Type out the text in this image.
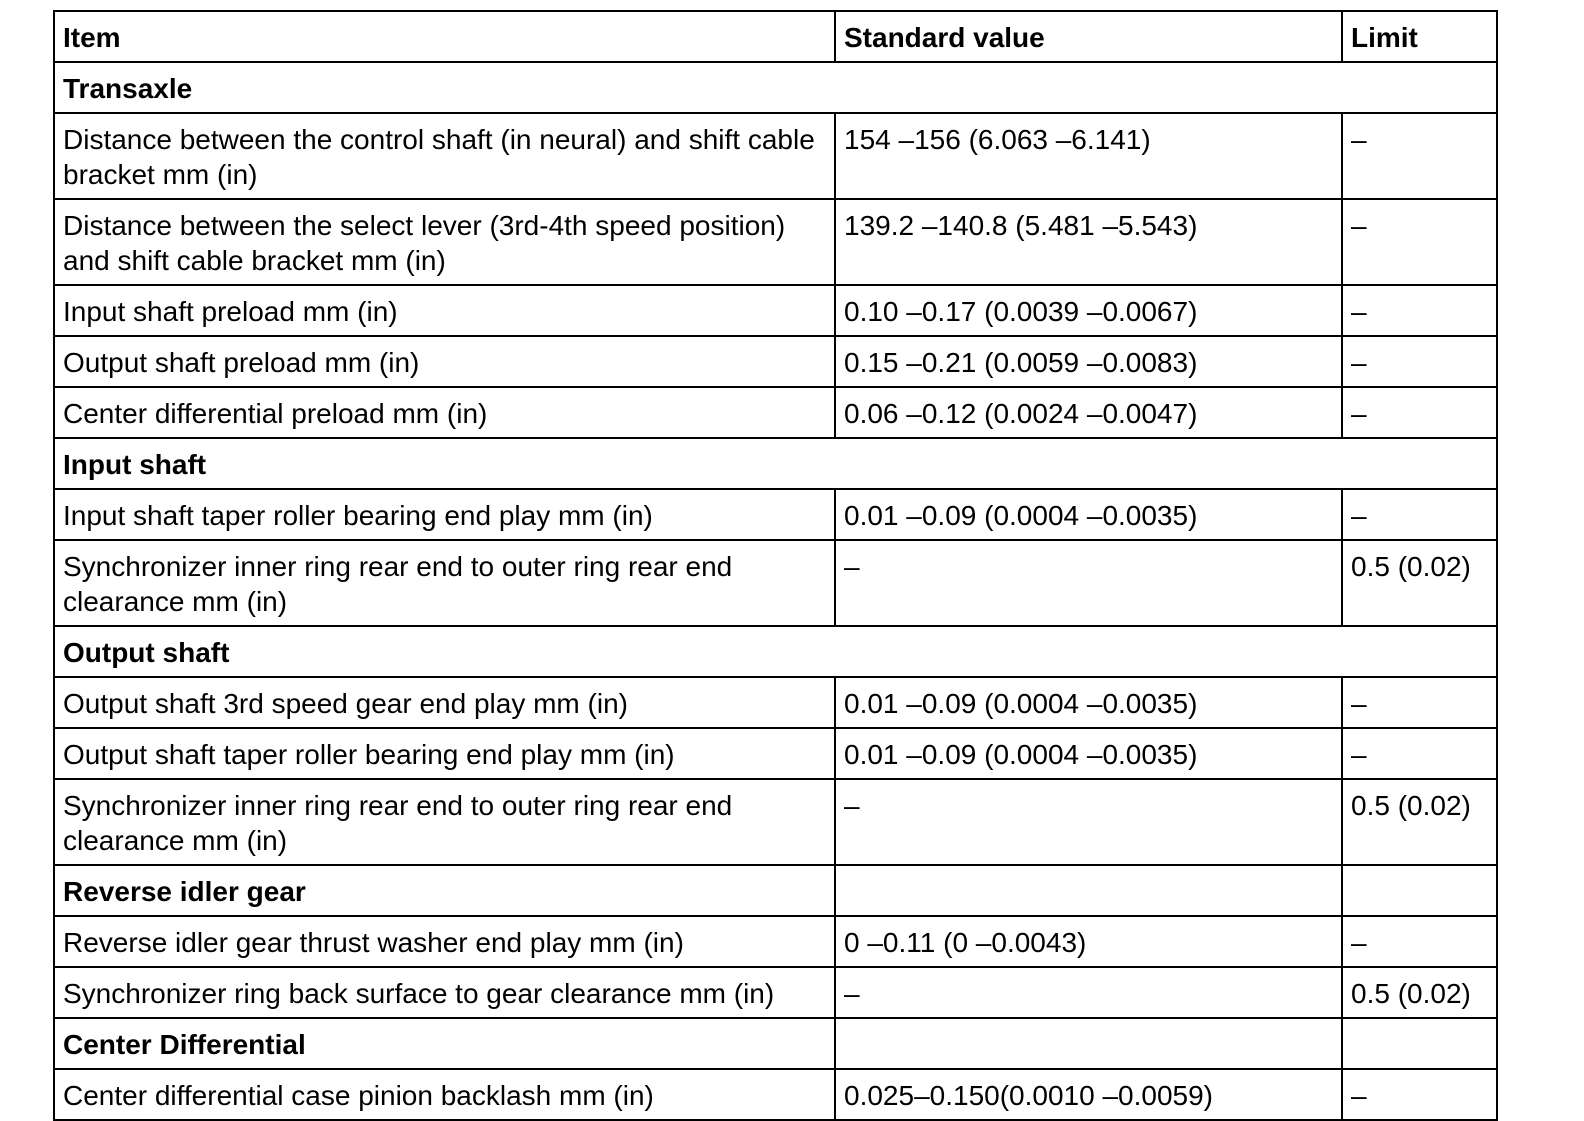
Item	Standard value	Limit
Transaxle		
Distance between the control shaft (in neural) and shift cable bracket mm (in)	154 –156 (6.063 –6.141)	–
Distance between the select lever (3rd-4th speed position) and shift cable bracket mm (in)	139.2 –140.8 (5.481 –5.543)	–
Input shaft preload mm (in)	0.10 –0.17 (0.0039 –0.0067)	–
Output shaft preload mm (in)	0.15 –0.21 (0.0059 –0.0083)	–
Center differential preload mm (in)	0.06 –0.12 (0.0024 –0.0047)	–
Input shaft		
Input shaft taper roller bearing end play mm (in)	0.01 –0.09 (0.0004 –0.0035)	–
Synchronizer inner ring rear end to outer ring rear end clearance mm (in)	–	0.5 (0.02)
Output shaft		
Output shaft 3rd speed gear end play mm (in)	0.01 –0.09 (0.0004 –0.0035)	–
Output shaft taper roller bearing end play mm (in)	0.01 –0.09 (0.0004 –0.0035)	–
Synchronizer inner ring rear end to outer ring rear end clearance mm (in)	–	0.5 (0.02)
Reverse idler gear		
Reverse idler gear thrust washer end play mm (in)	0 –0.11 (0 –0.0043)	–
Synchronizer ring back surface to gear clearance mm (in)	–	0.5 (0.02)
Center Differential		
Center differential case pinion backlash mm (in)	0.025–0.150(0.0010 –0.0059)	–
